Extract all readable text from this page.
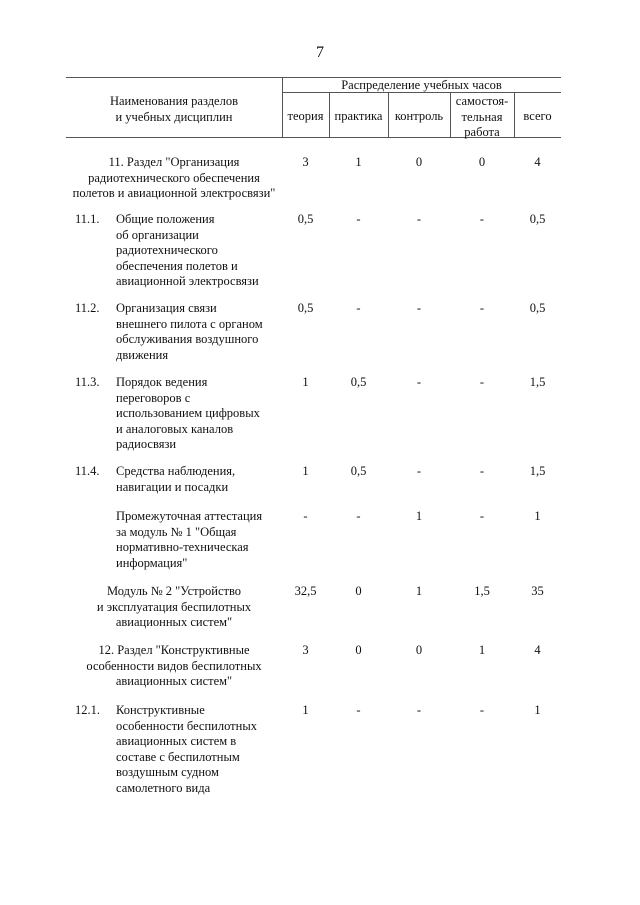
7
Наименования разделов
и учебных дисциплин
Распределение учебных часов
теория практика контроль
самостоя-
тельная
работа
всего
11. Раздел "Организация
радиотехнического обеспечения
полетов и авиационной электросвязи"
3	1	0	0	4
11.1. Общие положения
об организации
радиотехнического
обеспечения полетов и
авиационной электросвязи
0,5	-	-	-	0,5
11.2. Организация связи
внешнего пилота с органом
обслуживания воздушного
движения
0,5	-	-	-	0,5
11.3. Порядок ведения
переговоров с
использованием цифровых
и аналоговых каналов
радиосвязи
1	0,5	-	-	1,5
11.4. Средства наблюдения,
навигации и посадки
1	0,5	-	-	1,5
Промежуточная аттестация
за модуль № 1 "Общая
нормативно-техническая
информация"
-	-	1	-	1
Модуль № 2 "Устройство
и эксплуатация беспилотных
авиационных систем"
32,5	0	1	1,5	35
12. Раздел "Конструктивные
особенности видов беспилотных
авиационных систем"
3	0	0	1	4
12.1. Конструктивные
особенности беспилотных
авиационных систем в
составе с беспилотным
воздушным судном
самолетного вида
1	-	-	-	1
